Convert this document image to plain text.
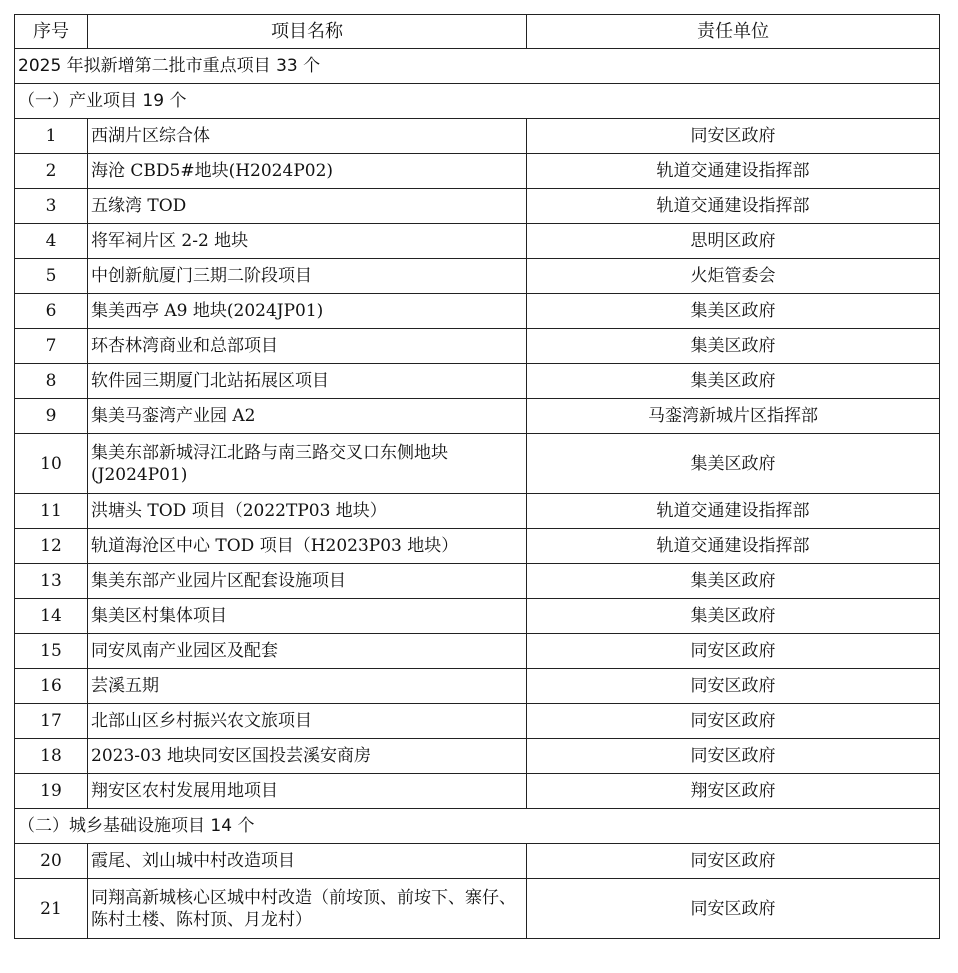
序号	项目名称	责任单位
2025 年拟新增第二批市重点项目 33 个		
（一）产业项目 19 个		
1	西湖片区综合体	同安区政府
2	海沧 CBD5#地块(H2024P02)	轨道交通建设指挥部
3	五缘湾 TOD	轨道交通建设指挥部
4	将军祠片区 2-2 地块	思明区政府
5	中创新航厦门三期二阶段项目	火炬管委会
6	集美西亭 A9 地块(2024JP01)	集美区政府
7	环杏林湾商业和总部项目	集美区政府
8	软件园三期厦门北站拓展区项目	集美区政府
9	集美马銮湾产业园 A2	马銮湾新城片区指挥部
10	集美东部新城浔江北路与南三路交叉口东侧地块(J2024P01)	集美区政府
11	洪塘头 TOD 项目（2022TP03 地块）	轨道交通建设指挥部
12	轨道海沧区中心 TOD 项目（H2023P03 地块）	轨道交通建设指挥部
13	集美东部产业园片区配套设施项目	集美区政府
14	集美区村集体项目	集美区政府
15	同安凤南产业园区及配套	同安区政府
16	芸溪五期	同安区政府
17	北部山区乡村振兴农文旅项目	同安区政府
18	2023-03 地块同安区国投芸溪安商房	同安区政府
19	翔安区农村发展用地项目	翔安区政府
（二）城乡基础设施项目 14 个		
20	霞尾、刘山城中村改造项目	同安区政府
21	同翔高新城核心区城中村改造（前垵顶、前垵下、寨仔、陈村土楼、陈村顶、月龙村）	同安区政府
